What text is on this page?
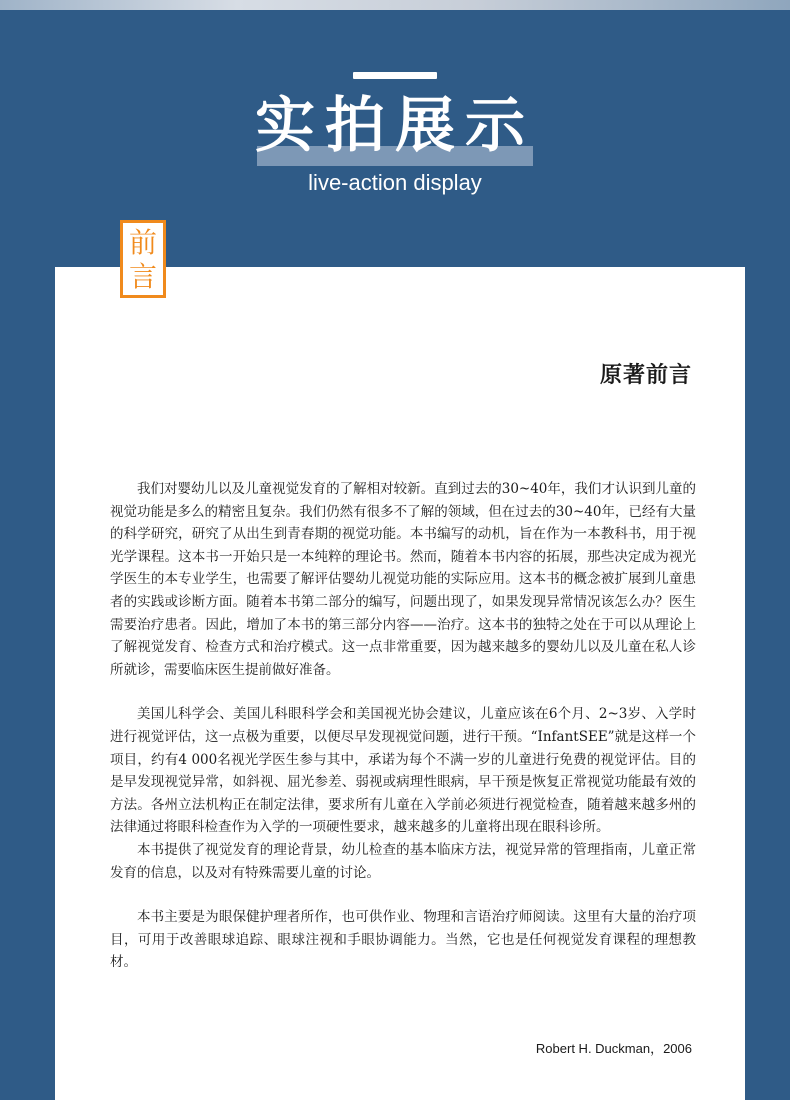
实拍展示
live-action display
前
言
原著前言

我们对婴幼儿以及儿童视觉发育的了解相对较新。直到过去的30~40年，我们才认识到儿童的视觉功能是多么的精密且复杂。我们仍然有很多不了解的领域，但在过去的30~40年，已经有大量的科学研究，研究了从出生到青春期的视觉功能。本书编写的动机，旨在作为一本教科书，用于视光学课程。这本书一开始只是一本纯粹的理论书。然而，随着本书内容的拓展，那些决定成为视光学医生的本专业学生，也需要了解评估婴幼儿视觉功能的实际应用。这本书的概念被扩展到儿童患者的实践或诊断方面。随着本书第二部分的编写，问题出现了，如果发现异常情况该怎么办？医生需要治疗患者。因此，增加了本书的第三部分内容——治疗。这本书的独特之处在于可以从理论上了解视觉发育、检查方式和治疗模式。这一点非常重要，因为越来越多的婴幼儿以及儿童在私人诊所就诊，需要临床医生提前做好准备。

美国儿科学会、美国儿科眼科学会和美国视光协会建议，儿童应该在6个月、2~3岁、入学时进行视觉评估，这一点极为重要，以便尽早发现视觉问题，进行干预。“InfantSEE”就是这样一个项目，约有4 000名视光学医生参与其中，承诺为每个不满一岁的儿童进行免费的视觉评估。目的是早发现视觉异常，如斜视、屈光参差、弱视或病理性眼病，早干预是恢复正常视觉功能最有效的方法。各州立法机构正在制定法律，要求所有儿童在入学前必须进行视觉检查，随着越来越多州的法律通过将眼科检查作为入学的一项硬性要求，越来越多的儿童将出现在眼科诊所。

本书提供了视觉发育的理论背景，幼儿检查的基本临床方法，视觉异常的管理指南，儿童正常发育的信息，以及对有特殊需要儿童的讨论。

本书主要是为眼保健护理者所作，也可供作业、物理和言语治疗师阅读。这里有大量的治疗项目，可用于改善眼球追踪、眼球注视和手眼协调能力。当然，它也是任何视觉发育课程的理想教材。

Robert H. Duckman，2006
